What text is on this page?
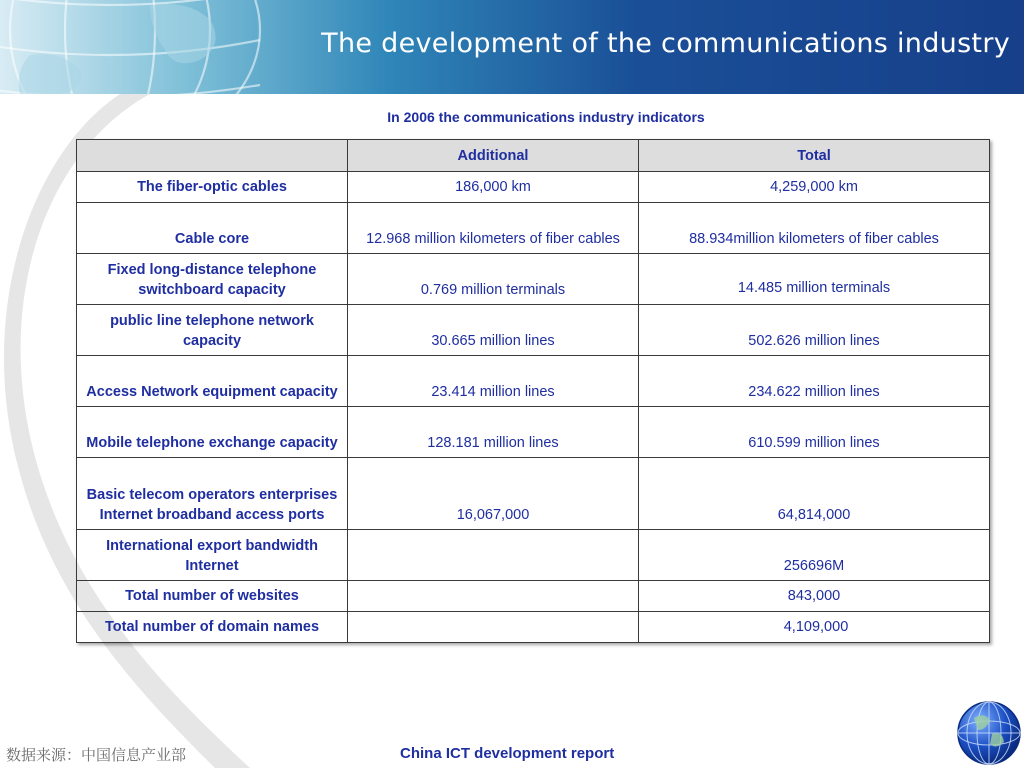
The development of the communications industry
In 2006 the communications industry indicators
	Additional	Total
The fiber-optic cables	186,000 km	4,259,000 km
Cable core	12.968 million kilometers of fiber cables	88.934million kilometers of fiber cables
Fixed long-distance telephone switchboard capacity	0.769 million terminals	14.485 million terminals
public line telephone network capacity	30.665 million lines	502.626 million lines
Access Network equipment capacity	23.414 million lines	234.622 million lines
Mobile telephone exchange capacity	128.181 million lines	610.599 million lines
Basic telecom operators enterprises Internet broadband access ports	16,067,000	64,814,000
International export bandwidth Internet		256696M
Total number of websites		843,000
Total number of domain names		4,109,000
数据来源：中国信息产业部	China ICT development report
